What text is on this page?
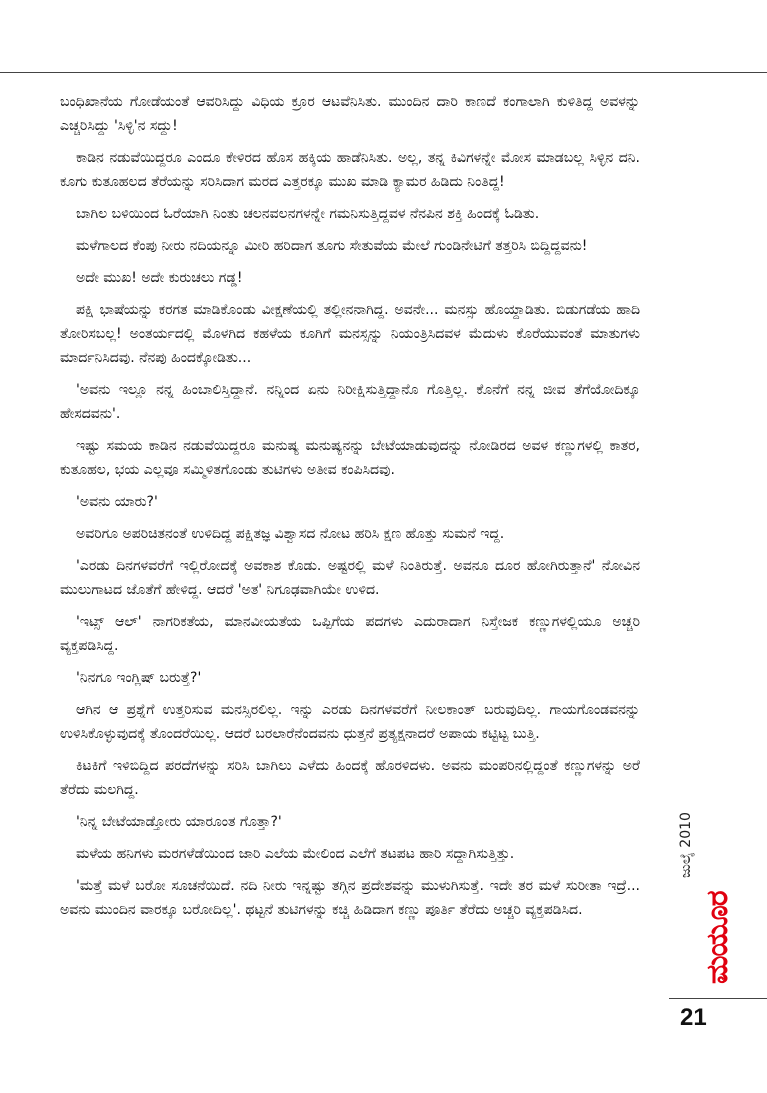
ಬಂಧಿಖಾನೆಯ ಗೋಡೆಯಂತೆ ಆವರಿಸಿದ್ದು ವಿಧಿಯ ಕ್ರೂರ ಆಟವೆನಿಸಿತು. ಮುಂದಿನ ದಾರಿ ಕಾಣದೆ ಕಂಗಾಲಾಗಿ ಕುಳಿತಿದ್ದ ಅವಳನ್ನು ಎಚ್ಚರಿಸಿದ್ದು 'ಸಿಳ್ಳಿ'ನ ಸದ್ದು!

ಕಾಡಿನ ನಡುವೆಯಿದ್ದರೂ ಎಂದೂ ಕೇಳಿರದ ಹೊಸ ಹಕ್ಕಿಯ ಹಾಡೆನಿಸಿತು. ಅಲ್ಲ, ತನ್ನ ಕಿವಿಗಳನ್ನೇ ಮೋಸ ಮಾಡಬಲ್ಲ ಸಿಳ್ಳಿನ ದನಿ. ಕೂಗು ಕುತೂಹಲದ ತೆರೆಯನ್ನು ಸರಿಸಿದಾಗ ಮರದ ಎತ್ತರಕ್ಕೂ ಮುಖ ಮಾಡಿ ಕ್ಯಾಮರ ಹಿಡಿದು ನಿಂತಿದ್ದ!

ಬಾಗಿಲ ಬಳಿಯಿಂದ ಓರೆಯಾಗಿ ನಿಂತು ಚಲನವಲನಗಳನ್ನೇ ಗಮನಿಸುತ್ತಿದ್ದವಳ ನೆನಪಿನ ಶಕ್ತಿ ಹಿಂದಕ್ಕೆ ಓಡಿತು.

ಮಳೆಗಾಲದ ಕೆಂಪು ನೀರು ನದಿಯನ್ನೂ ಮೀರಿ ಹರಿದಾಗ ತೂಗು ಸೇತುವೆಯ ಮೇಲೆ ಗುಂಡಿನೇಟಿಗೆ ತತ್ತರಿಸಿ ಬಿದ್ದಿದ್ದವನು!

ಅದೇ ಮುಖ! ಅದೇ ಕುರುಚಲು ಗಡ್ಡ!

ಪಕ್ಷಿ ಭಾಷೆಯನ್ನು ಕರಗತ ಮಾಡಿಕೊಂಡು ವೀಕ್ಷಣೆಯಲ್ಲಿ ತಲ್ಲೀನನಾಗಿದ್ದ. ಅವನೇ... ಮನಸ್ಸು ಹೊಯ್ದಾಡಿತು. ಬಿಡುಗಡೆಯ ಹಾದಿ ತೋರಿಸಬಲ್ಲ! ಅಂತರ್ಯದಲ್ಲಿ ಮೊಳಗಿದ ಕಹಳೆಯ ಕೂಗಿಗೆ ಮನಸ್ಸನ್ನು ನಿಯಂತ್ರಿಸಿದವಳ ಮೆದುಳು ಕೊರೆಯುವಂತೆ ಮಾತುಗಳು ಮಾರ್ದನಿಸಿದವು. ನೆನಪು ಹಿಂದಕ್ಕೋಡಿತು...

'ಅವನು ಇಲ್ಲೂ ನನ್ನ ಹಿಂಬಾಲಿಸ್ತಿದ್ದಾನೆ. ನನ್ನಿಂದ ಏನು ನಿರೀಕ್ಷಿಸುತ್ತಿದ್ದಾನೊ ಗೊತ್ತಿಲ್ಲ. ಕೊನೆಗೆ ನನ್ನ ಜೀವ ತೆಗೆಯೋದಿಕ್ಕೂ ಹೇಸದವನು'.

ಇಷ್ಟು ಸಮಯ ಕಾಡಿನ ನಡುವೆಯಿದ್ದರೂ ಮನುಷ್ಯ ಮನುಷ್ಯನನ್ನು ಬೇಟೆಯಾಡುವುದನ್ನು ನೋಡಿರದ ಅವಳ ಕಣ್ಣುಗಳಲ್ಲಿ ಕಾತರ, ಕುತೂಹಲ, ಭಯ ಎಲ್ಲವೂ ಸಮ್ಮಿಳಿತಗೊಂಡು ತುಟಿಗಳು ಅತೀವ ಕಂಪಿಸಿದವು.

'ಅವನು ಯಾರು?'

ಅವರಿಗೂ ಅಪರಿಚಿತನಂತೆ ಉಳಿದಿದ್ದ ಪಕ್ಷಿತಜ್ಞ ವಿಶ್ವಾಸದ ನೋಟ ಹರಿಸಿ ಕ್ಷಣ ಹೊತ್ತು ಸುಮನೆ ಇದ್ದ.

'ಎರಡು ದಿನಗಳವರೆಗೆ ಇಲ್ಲಿರೋದಕ್ಕೆ ಅವಕಾಶ ಕೊಡು. ಅಷ್ಟರಲ್ಲಿ ಮಳೆ ನಿಂತಿರುತ್ತೆ. ಅವನೂ ದೂರ ಹೋಗಿರುತ್ತಾನೆ' ನೋವಿನ ಮುಲುಗಾಟದ ಜೊತೆಗೆ ಹೇಳಿದ್ದ. ಆದರೆ 'ಅತ' ನಿಗೂಢವಾಗಿಯೇ ಉಳಿದ.

'ಇಟ್ಸ್ ಆಲ್' ನಾಗರಿಕತೆಯ, ಮಾನವೀಯತೆಯ ಒಪ್ಪಿಗೆಯ ಪದಗಳು ಎದುರಾದಾಗ ನಿಸ್ತೇಜಕ ಕಣ್ಣುಗಳಲ್ಲಿಯೂ ಅಚ್ಚರಿ ವ್ಯಕ್ತಪಡಿಸಿದ್ದ.

'ನಿನಗೂ ಇಂಗ್ಲಿಷ್ ಬರುತ್ತೆ?'

ಆಗಿನ ಆ ಪ್ರಶ್ನೆಗೆ ಉತ್ತರಿಸುವ ಮನಸ್ಸಿರಲಿಲ್ಲ. ಇನ್ನು ಎರಡು ದಿನಗಳವರೆಗೆ ನೀಲಕಾಂತ್ ಬರುವುದಿಲ್ಲ. ಗಾಯಗೊಂಡವನನ್ನು ಉಳಿಸಿಕೊಳ್ಳುವುದಕ್ಕೆ ತೊಂದರೆಯಿಲ್ಲ. ಆದರೆ ಬರಲಾರೆನೆಂದವನು ಧುತ್ತನೆ ಪ್ರತ್ಯಕ್ಷನಾದರೆ ಅಪಾಯ ಕಟ್ಟಿಟ್ಟ ಬುತ್ತಿ.

ಕಿಟಕಿಗೆ ಇಳಿಬಿದ್ದಿದ ಪರದೆಗಳನ್ನು ಸರಿಸಿ ಬಾಗಿಲು ಎಳೆದು ಹಿಂದಕ್ಕೆ ಹೊರಳಿದಳು. ಅವನು ಮಂಪರಿನಲ್ಲಿದ್ದಂತೆ ಕಣ್ಣುಗಳನ್ನು ಅರೆ ತೆರೆದು ಮಲಗಿದ್ದ.

'ನಿನ್ನ ಬೇಟೆಯಾಡ್ತೋರು ಯಾರೂಂತ ಗೊತ್ತಾ?'

ಮಳೆಯ ಹನಿಗಳು ಮರಗಳೆಡೆಯಿಂದ ಜಾರಿ ಎಲೆಯ ಮೇಲಿಂದ ಎಲೆಗೆ ತಟಪಟ ಹಾರಿ ಸದ್ದಾಗಿಸುತ್ತಿತ್ತು.

'ಮತ್ತೆ ಮಳೆ ಬರೋ ಸೂಚನೆಯಿದೆ. ನದಿ ನೀರು ಇನ್ನಷ್ಟು ತಗ್ಗಿನ ಪ್ರದೇಶವನ್ನು ಮುಳುಗಿಸುತ್ತೆ. ಇದೇ ತರ ಮಳೆ ಸುರೀತಾ ಇದ್ರೆ... ಅವನು ಮುಂದಿನ ವಾರಕ್ಕೂ ಬರೋದಿಲ್ಲ'. ಥಟ್ಟನೆ ತುಟಿಗಳನ್ನು ಕಚ್ಚಿ ಹಿಡಿದಾಗ ಕಣ್ಣು ಪೂರ್ತಿ ತೆರೆದು ಅಚ್ಚರಿ ವ್ಯಕ್ತಪಡಿಸಿದ.

ಜುಲೈ 2010
ಮಯೂರ
21
